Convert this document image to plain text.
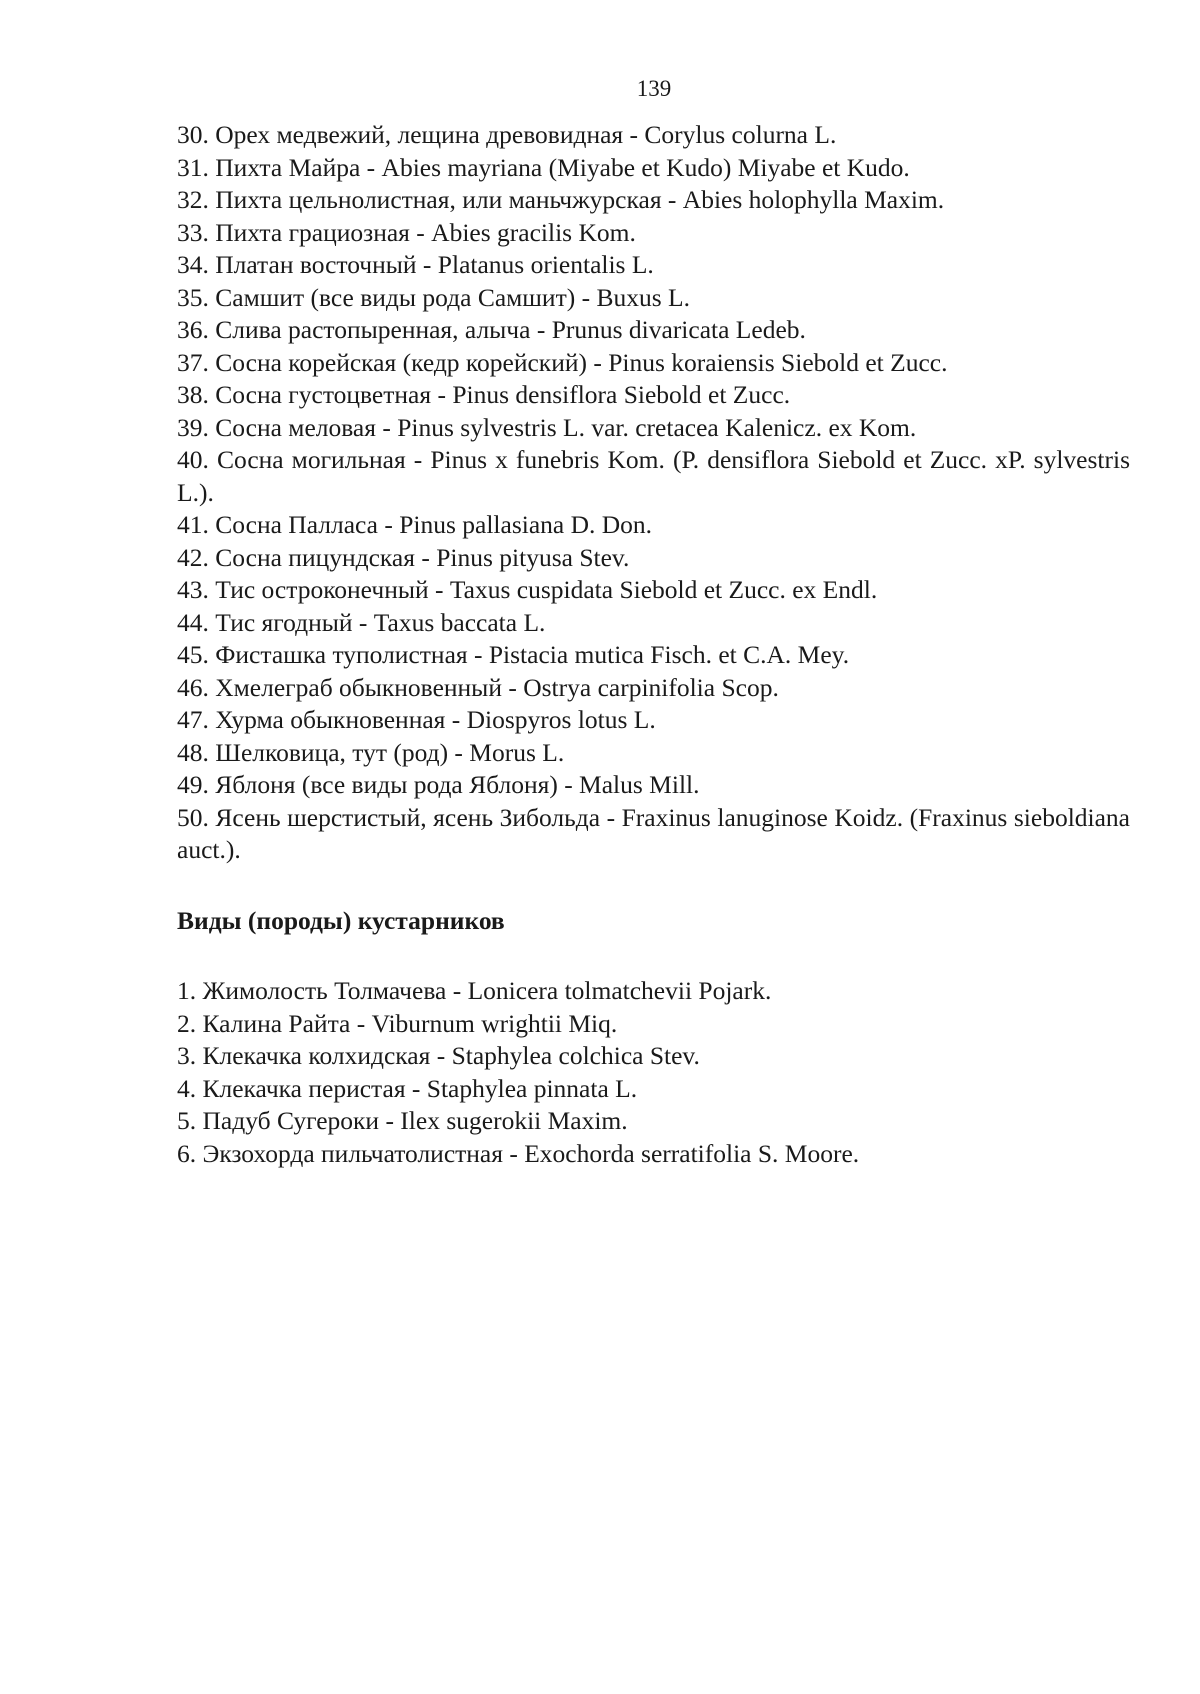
139
30. Орех медвежий, лещина древовидная - Corylus colurna L.
31. Пихта Майра - Abies mayriana (Miyabe et Kudo) Miyabe et Kudo.
32. Пихта цельнолистная, или маньчжурская - Abies holophylla Maxim.
33. Пихта грациозная - Abies gracilis Kom.
34. Платан восточный - Platanus orientalis L.
35. Самшит (все виды рода Самшит) - Buxus L.
36. Слива растопыренная, алыча - Prunus divaricata Ledeb.
37. Сосна корейская (кедр корейский) - Pinus koraiensis Siebold et Zucc.
38. Сосна густоцветная - Pinus densiflora Siebold et Zucc.
39. Сосна меловая - Pinus sylvestris L. var. cretacea Kalenicz. ex Kom.
40. Сосна могильная - Pinus x funebris Kom. (P. densiflora Siebold et Zucc. xP. sylvestris L.).
41. Сосна Палласа - Pinus pallasiana D. Don.
42. Сосна пицундская - Pinus pityusa Stev.
43. Тис остроконечный - Taxus cuspidata Siebold et Zucc. ex Endl.
44. Тис ягодный - Taxus baccata L.
45. Фисташка туполистная - Pistacia mutica Fisch. et C.A. Mey.
46. Хмелеграб обыкновенный - Ostrya carpinifolia Scop.
47. Хурма обыкновенная - Diospyros lotus L.
48. Шелковица, тут (род) - Morus L.
49. Яблоня (все виды рода Яблоня) - Malus Mill.
50. Ясень шерстистый, ясень Зибольда - Fraxinus lanuginose Koidz. (Fraxinus sieboldiana auct.).
Виды (породы) кустарников
1. Жимолость Толмачева - Lonicera tolmatchevii Pojark.
2. Калина Райта - Viburnum wrightii Miq.
3. Клекачка колхидская - Staphylea colchica Stev.
4. Клекачка перистая - Staphylea pinnata L.
5. Падуб Сугероки - Ilex sugerokii Maxim.
6. Экзохорда пильчатолистная - Exochorda serratifolia S. Moore.
